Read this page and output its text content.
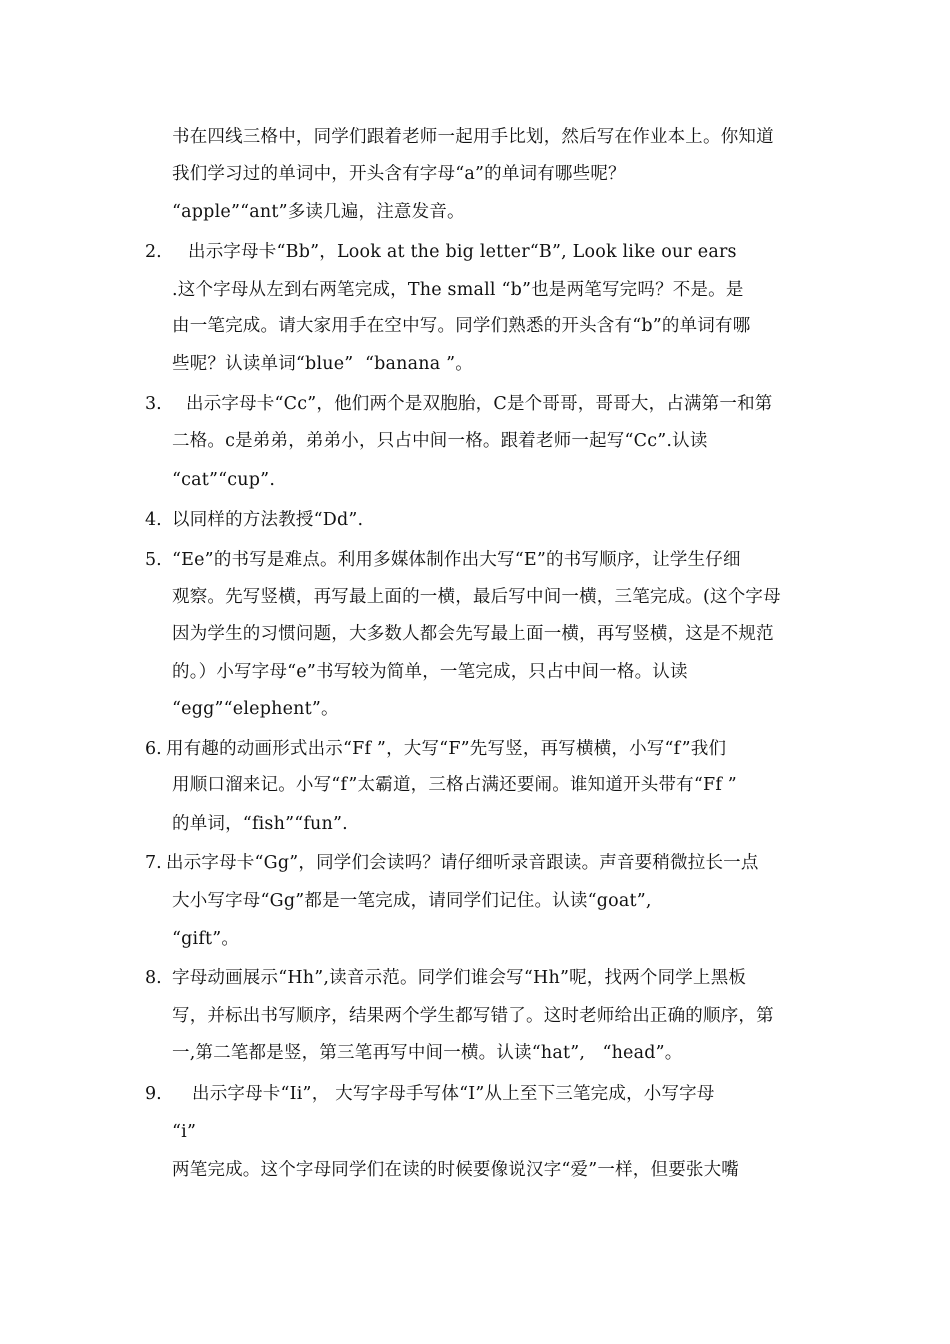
书在四线三格中，同学们跟着老师一起用手比划，然后写在作业本上。你知道
我们学习过的单词中，开头含有字母“a”的单词有哪些呢？
“apple”“ant”多读几遍，注意发音。
2. 出示字母卡“Bb”，Look at the big letter“B”, Look like our ears
.这个字母从左到右两笔完成，The small “b”也是两笔写完吗？不是。是
由一笔完成。请大家用手在空中写。同学们熟悉的开头含有“b”的单词有哪
些呢？认读单词“blue”  “banana ”。
3. 出示字母卡“Cc”，他们两个是双胞胎，C是个哥哥，哥哥大，占满第一和第
二格。c是弟弟，弟弟小，只占中间一格。跟着老师一起写“Cc”.认读
“cat”“cup”.
4. 以同样的方法教授“Dd”.
5. “Ee”的书写是难点。利用多媒体制作出大写“E”的书写顺序，让学生仔细
观察。先写竖横，再写最上面的一横，最后写中间一横，三笔完成。(这个字母
因为学生的习惯问题，大多数人都会先写最上面一横，再写竖横，这是不规范
的。）小写字母“e”书写较为简单，一笔完成，只占中间一格。认读
“egg”“elephent”。
6. 用有趣的动画形式出示“Ff ”，大写“F”先写竖，再写横横，小写“f”我们
用顺口溜来记。小写“f”太霸道，三格占满还要闹。谁知道开头带有“Ff ”
的单词，“fish”“fun”.
7. 出示字母卡“Gg”，同学们会读吗？请仔细听录音跟读。声音要稍微拉长一点
大小写字母“Gg”都是一笔完成，请同学们记住。认读“goat”,
“gift”。
8. 字母动画展示“Hh”,读音示范。同学们谁会写“Hh”呢，找两个同学上黑板
写，并标出书写顺序，结果两个学生都写错了。这时老师给出正确的顺序，第
一,第二笔都是竖，第三笔再写中间一横。认读“hat”,   “head”。
9. 出示字母卡“Ii”， 大写字母手写体“I”从上至下三笔完成，小写字母
“i”
两笔完成。这个字母同学们在读的时候要像说汉字“爱”一样，但要张大嘴
